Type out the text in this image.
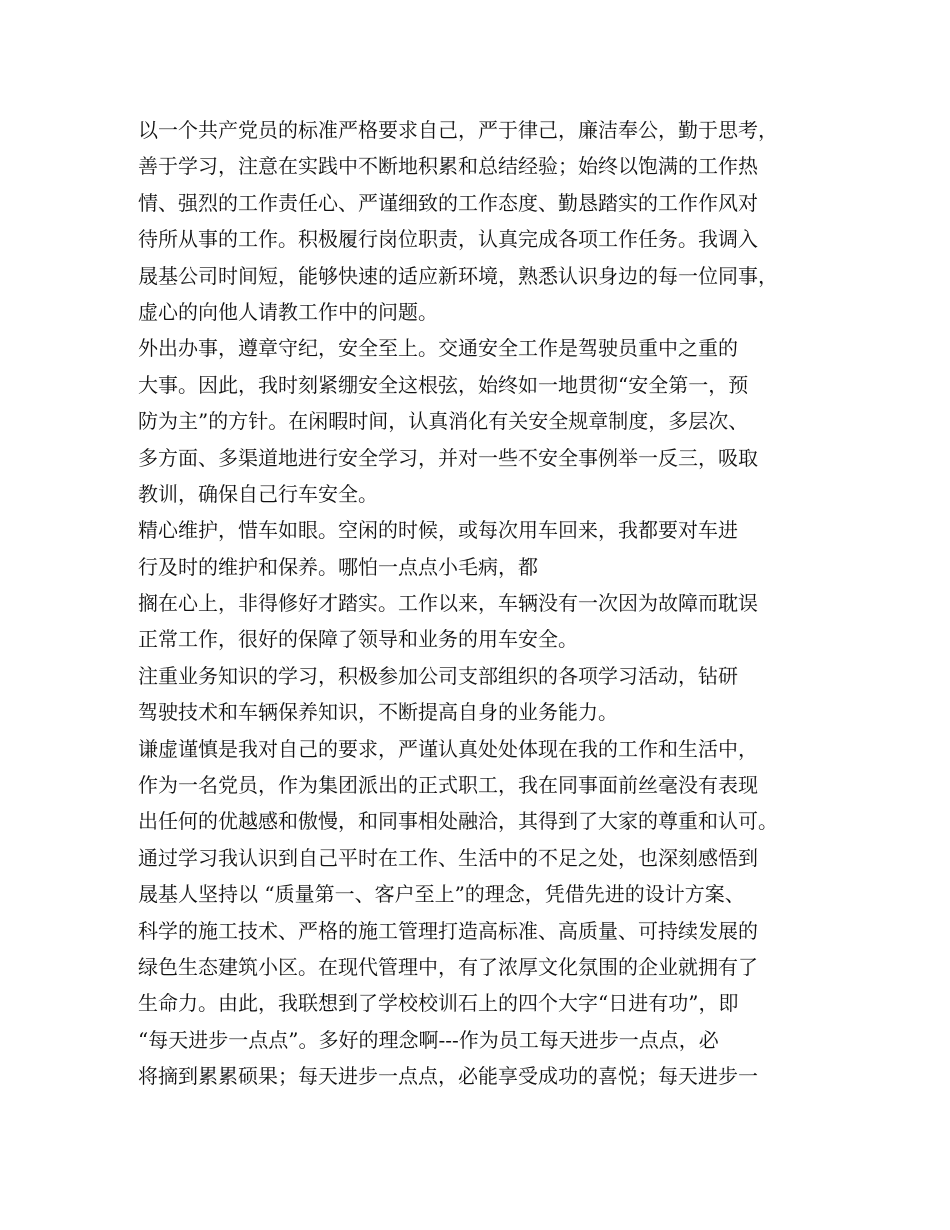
以一个共产党员的标准严格要求自己，严于律己，廉洁奉公，勤于思考，
善于学习，注意在实践中不断地积累和总结经验；始终以饱满的工作热
情、强烈的工作责任心、严谨细致的工作态度、勤恳踏实的工作作风对
待所从事的工作。积极履行岗位职责，认真完成各项工作任务。我调入
晟基公司时间短，能够快速的适应新环境，熟悉认识身边的每一位同事，
虚心的向他人请教工作中的问题。
外出办事，遵章守纪，安全至上。交通安全工作是驾驶员重中之重的
大事。因此，我时刻紧绷安全这根弦，始终如一地贯彻“安全第一，预
防为主”的方针。在闲暇时间，认真消化有关安全规章制度，多层次、
多方面、多渠道地进行安全学习，并对一些不安全事例举一反三，吸取
教训，确保自己行车安全。
精心维护，惜车如眼。空闲的时候，或每次用车回来，我都要对车进
行及时的维护和保养。哪怕一点点小毛病，都
搁在心上，非得修好才踏实。工作以来，车辆没有一次因为故障而耽误
正常工作，很好的保障了领导和业务的用车安全。
注重业务知识的学习，积极参加公司支部组织的各项学习活动，钻研
驾驶技术和车辆保养知识，不断提高自身的业务能力。
谦虚谨慎是我对自己的要求，严谨认真处处体现在我的工作和生活中，
作为一名党员，作为集团派出的正式职工，我在同事面前丝毫没有表现
出任何的优越感和傲慢，和同事相处融洽，其得到了大家的尊重和认可。
通过学习我认识到自己平时在工作、生活中的不足之处，也深刻感悟到
晟基人坚持以 “质量第一、客户至上”的理念，凭借先进的设计方案、
科学的施工技术、严格的施工管理打造高标准、高质量、可持续发展的
绿色生态建筑小区。在现代管理中，有了浓厚文化氛围的企业就拥有了
生命力。由此，我联想到了学校校训石上的四个大字“日进有功”，即
“每天进步一点点”。多好的理念啊---作为员工每天进步一点点，必
将摘到累累硕果；每天进步一点点，必能享受成功的喜悦；每天进步一
